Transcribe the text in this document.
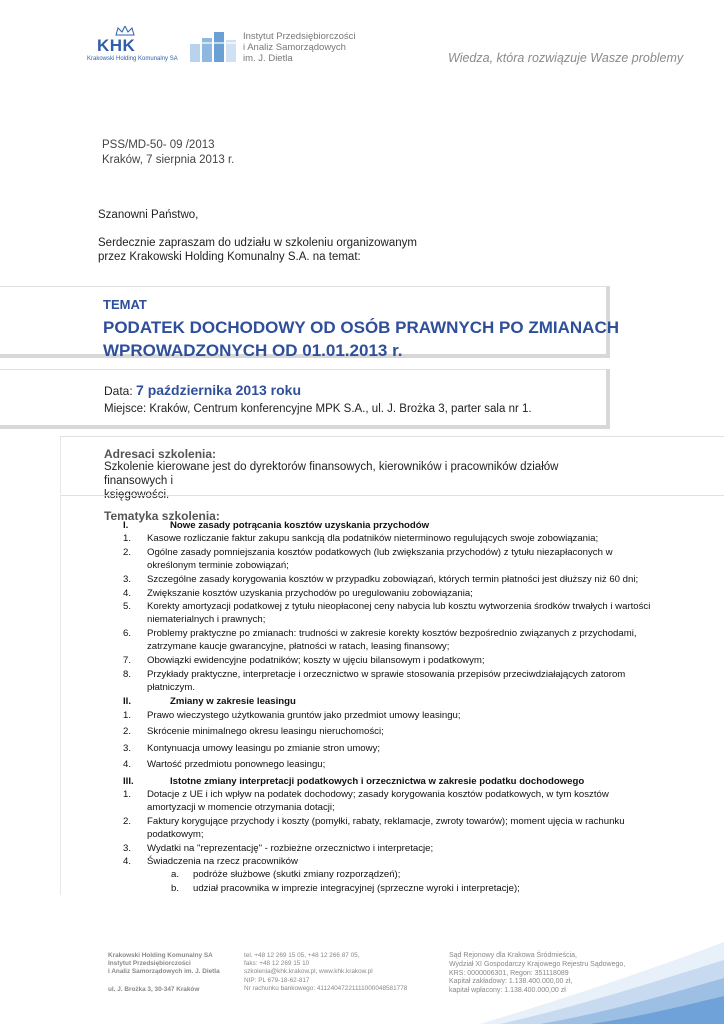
KHK
Krakowski Holding Komunalny SA
Instytut Przedsiębiorczości
i Analiz Samorządowych
im. J. Dietla	Wiedza, która rozwiązuje Wasze problemy
PSS/MD-50- 09 /2013
Kraków, 7 sierpnia 2013 r.
Szanowni Państwo,
Serdecznie zapraszam do udziału w szkoleniu organizowanym
przez Krakowski Holding Komunalny S.A. na temat:
TEMAT
PODATEK DOCHODOWY OD OSÓB PRAWNYCH PO ZMIANACH
WPROWADZONYCH OD 01.01.2013 r.
Data: 7 października 2013 roku
Miejsce: Kraków, Centrum konferencyjne MPK S.A., ul. J. Brożka 3, parter sala nr 1.
Adresaci szkolenia:
Szkolenie kierowane jest do dyrektorów finansowych, kierowników i pracowników działów finansowych i
księgowości.
Tematyka szkolenia:
I.	Nowe zasady potrącania kosztów uzyskania przychodów
1. Kasowe rozliczanie faktur zakupu sankcją dla podatników nieterminowo regulujących swoje zobowiązania;
2. Ogólne zasady pomniejszania kosztów podatkowych (lub zwiększania przychodów) z tytułu niezapłaconych w
określonym terminie zobowiązań;
3. Szczególne zasady korygowania kosztów w przypadku zobowiązań, których termin płatności jest dłuższy niż 60 dni;
4. Zwiększanie kosztów uzyskania przychodów po uregulowaniu zobowiązania;
5. Korekty amortyzacji podatkowej z tytułu nieopłaconej ceny nabycia lub kosztu wytworzenia środków trwałych i wartości
niematerialnych i prawnych;
6. Problemy praktyczne po zmianach: trudności w zakresie korekty kosztów bezpośrednio związanych z przychodami,
zatrzymane kaucje gwarancyjne, płatności w ratach, leasing finansowy;
7. Obowiązki ewidencyjne podatników; koszty w ujęciu bilansowym i podatkowym;
8. Przykłady praktyczne, interpretacje i orzecznictwo w sprawie stosowania przepisów przeciwdziałających zatorom
płatniczym.
II.	Zmiany w zakresie leasingu
1. Prawo wieczystego użytkowania gruntów jako przedmiot umowy leasingu;
2. Skrócenie minimalnego okresu leasingu nieruchomości;
3. Kontynuacja umowy leasingu po zmianie stron umowy;
4. Wartość przedmiotu ponownego leasingu;
III.	Istotne zmiany interpretacji podatkowych i orzecznictwa w zakresie podatku dochodowego
1. Dotacje z UE i ich wpływ na podatek dochodowy; zasady korygowania kosztów podatkowych, w tym kosztów
amortyzacji w momencie otrzymania dotacji;
2. Faktury korygujące przychody i koszty (pomyłki, rabaty, reklamacje, zwroty towarów); moment ujęcia w rachunku
podatkowym;
3. Wydatki na "reprezentację" - rozbieżne orzecznictwo i interpretacje;
4. Świadczenia na rzecz pracowników
a. podróże służbowe (skutki zmiany rozporządzeń);
b. udział pracownika w imprezie integracyjnej (sprzeczne wyroki i interpretacje);
Krakowski Holding Komunalny SA
Instytut Przedsiębiorczości
i Analiz Samorządowych im. J. Dietla
ul. J. Brożka 3, 30-347 Kraków
tel. +48 12 269 15 05, +48 12 266 87 05,
faks: +48 12 269 15 10
szkolenia@khk.krakow.pl, www.khk.krakow.pl
NIP: PL 679-18-62-817
Nr rachunku bankowego: 41124047221111000048581778
Sąd Rejonowy dla Krakowa Śródmieścia,
Wydział XI Gospodarczy Krajowego Rejestru Sądowego,
KRS: 0000006301, Regon: 351118089
Kapitał zakładowy: 1.138.400.000,00 zł,
kapitał wpłacony: 1.138.400.000,00 zł
